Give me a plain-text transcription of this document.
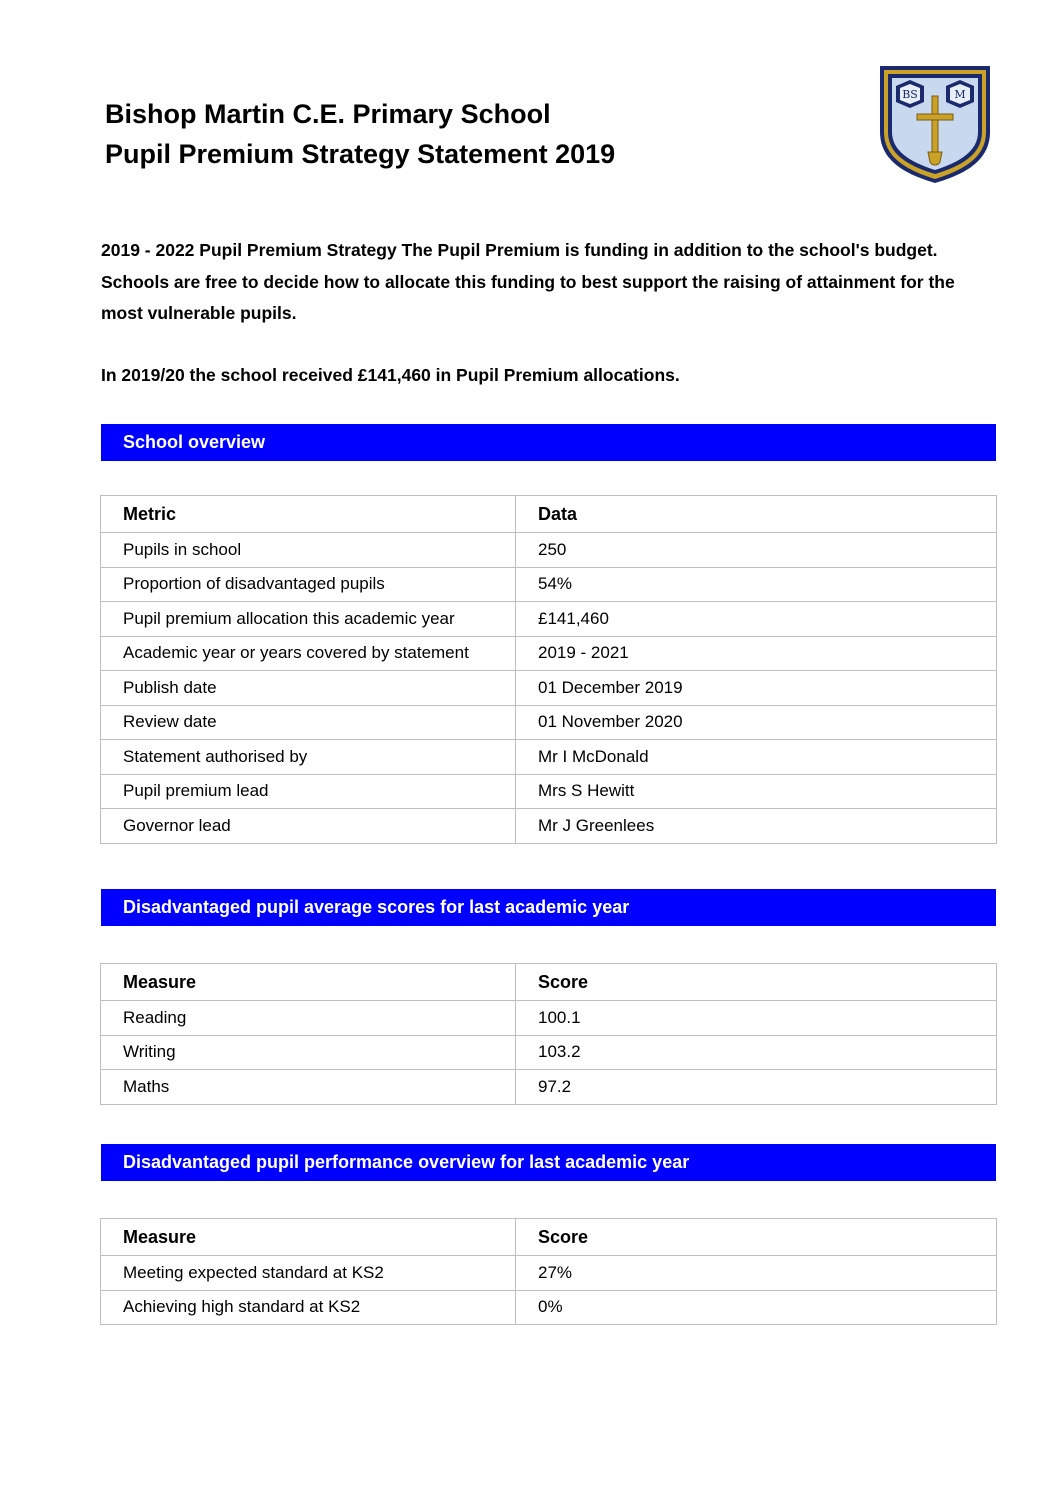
Bishop Martin C.E. Primary School
Pupil Premium Strategy Statement 2019
BS	M
2019 - 2022 Pupil Premium Strategy The Pupil Premium is funding in addition to the school's budget. Schools are free to decide how to allocate this funding to best support the raising of attainment for the most vulnerable pupils.
In 2019/20 the school received £141,460 in Pupil Premium allocations.
School overview
Metric	Data
Pupils in school	250
Proportion of disadvantaged pupils	54%
Pupil premium allocation this academic year	£141,460
Academic year or years covered by statement	2019 - 2021
Publish date	01 December 2019
Review date	01 November 2020
Statement authorised by	Mr I McDonald
Pupil premium lead	Mrs S Hewitt
Governor lead	Mr J Greenlees
Disadvantaged pupil average scores for last academic year
Measure	Score
Reading	100.1
Writing	103.2
Maths	97.2
Disadvantaged pupil performance overview for last academic year
Measure	Score
Meeting expected standard at KS2	27%
Achieving high standard at KS2	0%
